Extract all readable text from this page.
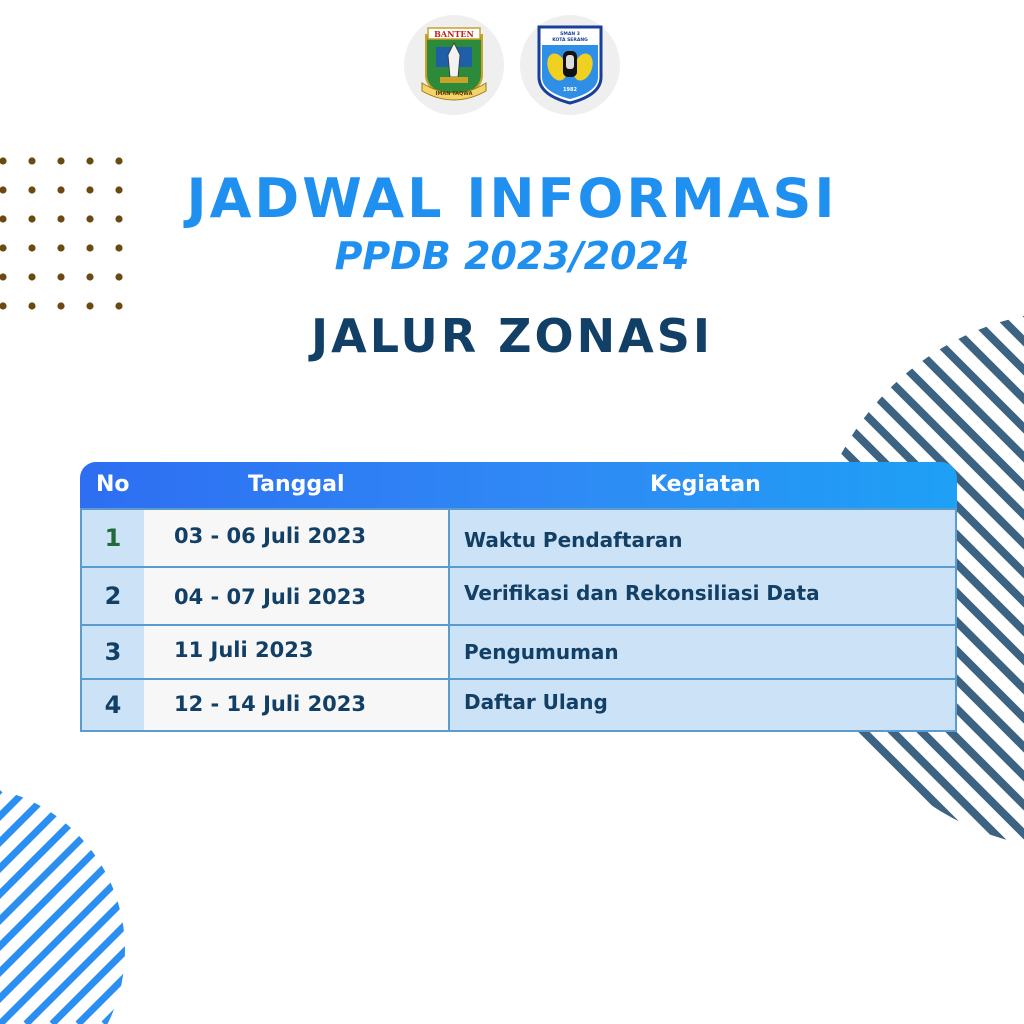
BANTEN
IMAN TAQWA
SMAN 3
KOTA SERANG
1982
JADWAL INFORMASI
PPDB 2023/2024
JALUR ZONASI
No	Tanggal	Kegiatan
1	03 - 06 Juli 2023	Waktu Pendaftaran
2	04 - 07 Juli 2023	Verifikasi dan Rekonsiliasi Data
3	11 Juli 2023	Pengumuman
4	12 - 14 Juli 2023	Daftar Ulang
